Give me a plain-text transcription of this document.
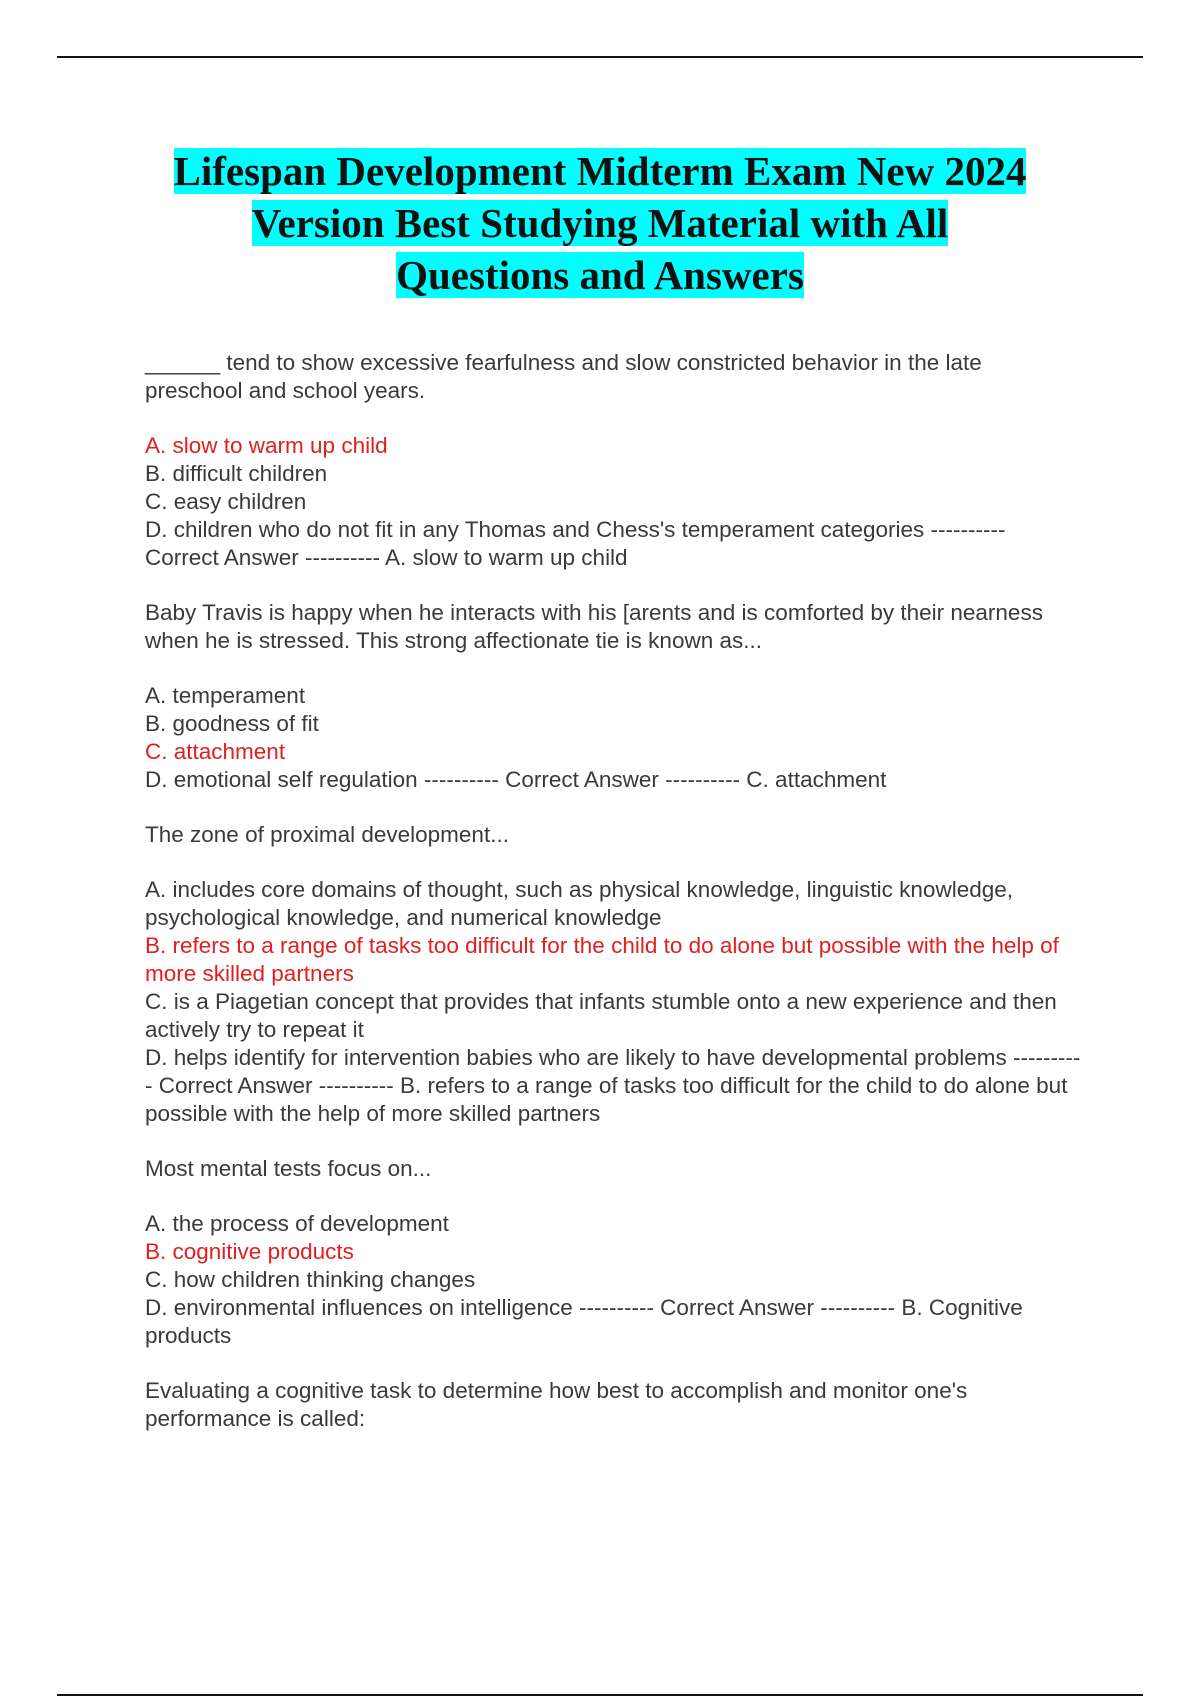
Lifespan Development Midterm Exam New 2024
Version Best Studying Material with All
Questions and Answers

______ tend to show excessive fearfulness and slow constricted behavior in the late preschool and school years.

A. slow to warm up child
B. difficult children
C. easy children
D. children who do not fit in any Thomas and Chess's temperament categories ---------- Correct Answer ---------- A. slow to warm up child

Baby Travis is happy when he interacts with his [arents and is comforted by their nearness when he is stressed. This strong affectionate tie is known as...

A. temperament
B. goodness of fit
C. attachment
D. emotional self regulation ---------- Correct Answer ---------- C. attachment

The zone of proximal development...

A. includes core domains of thought, such as physical knowledge, linguistic knowledge, psychological knowledge, and numerical knowledge
B. refers to a range of tasks too difficult for the child to do alone but possible with the help of more skilled partners
C. is a Piagetian concept that provides that infants stumble onto a new experience and then actively try to repeat it
D. helps identify for intervention babies who are likely to have developmental problems ---------- Correct Answer ---------- B. refers to a range of tasks too difficult for the child to do alone but possible with the help of more skilled partners

Most mental tests focus on...

A. the process of development
B. cognitive products
C. how children thinking changes
D. environmental influences on intelligence ---------- Correct Answer ---------- B. Cognitive products

Evaluating a cognitive task to determine how best to accomplish and monitor one's performance is called:
